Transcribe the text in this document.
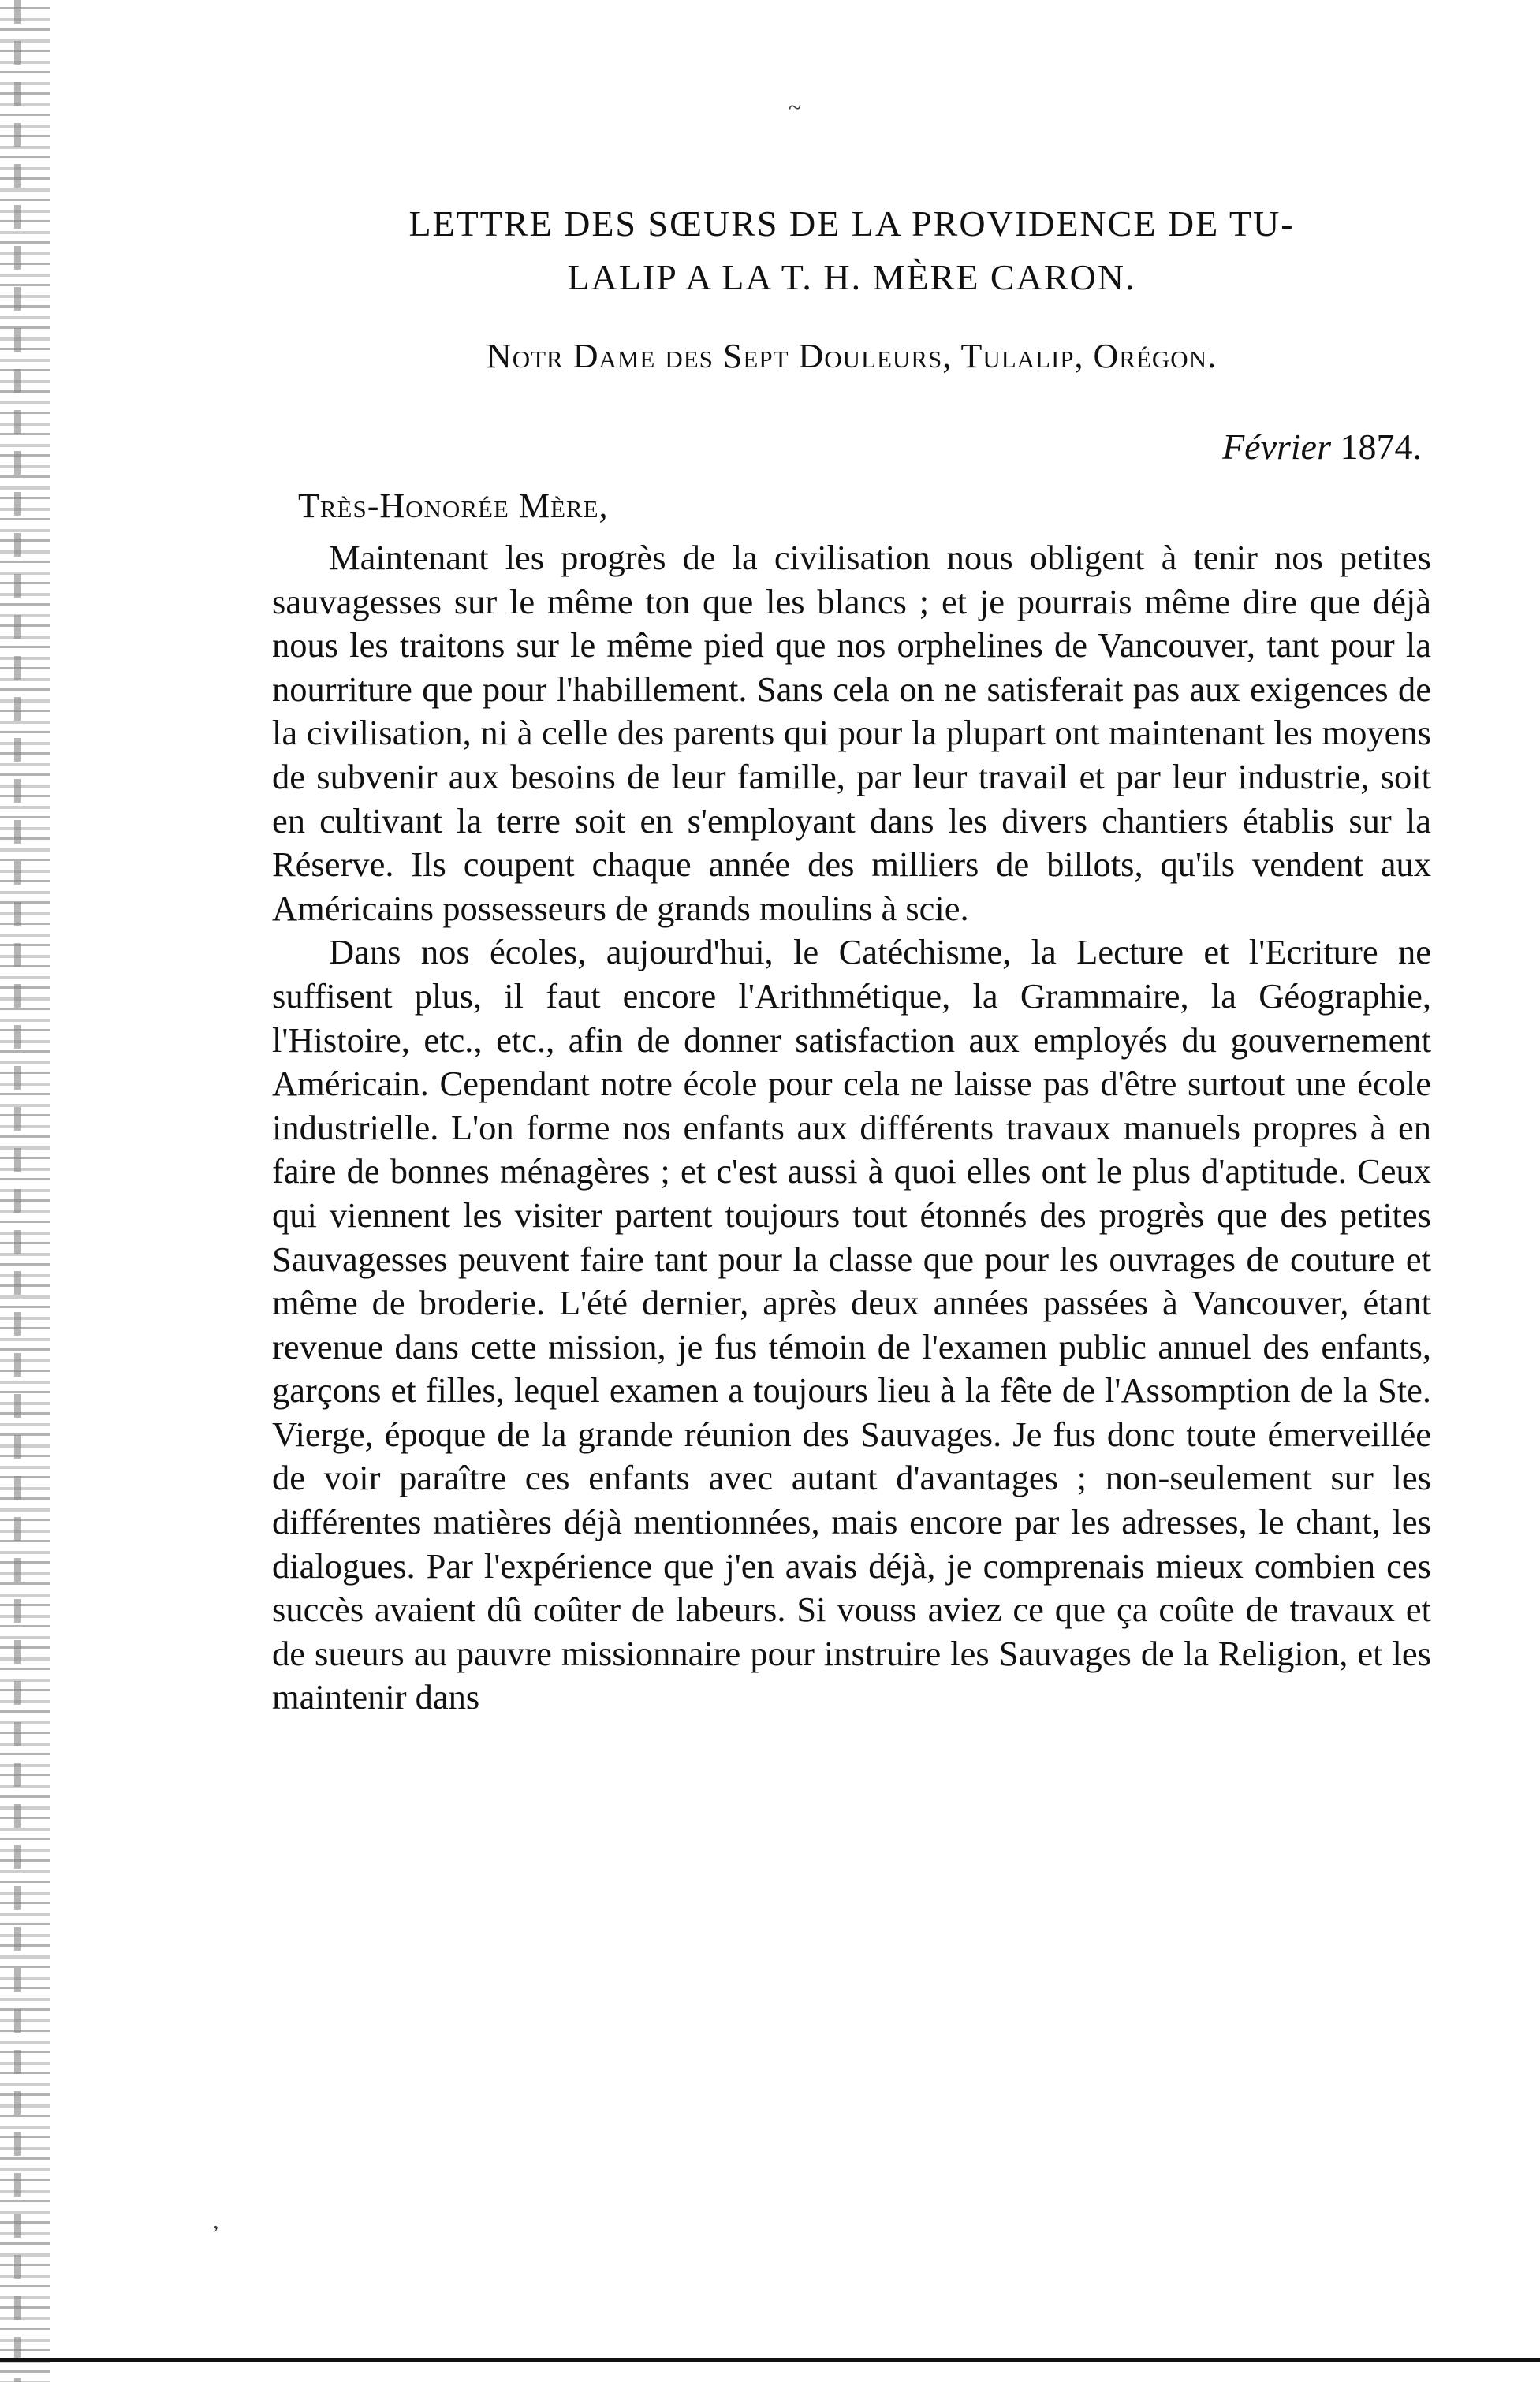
LETTRE DES SŒURS DE LA PROVIDENCE DE TU-
LALIP A LA T. H. MÈRE CARON.
Notr Dame des Sept Douleurs, Tulalip, Orégon.
Février 1874.
Très-Honorée Mère,

Maintenant les progrès de la civilisation nous obligent à tenir nos petites sauvagesses sur le même ton que les blancs ; et je pourrais même dire que déjà nous les traitons sur le même pied que nos orphelines de Vancouver, tant pour la nourriture que pour l'habillement. Sans cela on ne satisferait pas aux exigences de la civilisation, ni à celle des parents qui pour la plupart ont maintenant les moyens de subvenir aux besoins de leur famille, par leur travail et par leur industrie, soit en cultivant la terre soit en s'employant dans les divers chantiers établis sur la Réserve. Ils coupent chaque année des milliers de billots, qu'ils vendent aux Américains possesseurs de grands moulins à scie.

Dans nos écoles, aujourd'hui, le Catéchisme, la Lecture et l'Ecriture ne suffisent plus, il faut encore l'Arithmétique, la Grammaire, la Géographie, l'Histoire, etc., etc., afin de donner satisfaction aux employés du gouvernement Américain. Cependant notre école pour cela ne laisse pas d'être surtout une école industrielle. L'on forme nos enfants aux différents travaux manuels propres à en faire de bonnes ménagères ; et c'est aussi à quoi elles ont le plus d'aptitude. Ceux qui viennent les visiter partent toujours tout étonnés des progrès que des petites Sauvagesses peuvent faire tant pour la classe que pour les ouvrages de couture et même de broderie. L'été dernier, après deux années passées à Vancouver, étant revenue dans cette mission, je fus témoin de l'examen public annuel des enfants, garçons et filles, lequel examen a toujours lieu à la fête de l'Assomption de la Ste. Vierge, époque de la grande réunion des Sauvages. Je fus donc toute émerveillée de voir paraître ces enfants avec autant d'avantages ; non-seulement sur les différentes matières déjà mentionnées, mais encore par les adresses, le chant, les dialogues. Par l'expérience que j'en avais déjà, je comprenais mieux combien ces succès avaient dû coûter de labeurs. Si vouss aviez ce que ça coûte de travaux et de sueurs au pauvre missionnaire pour instruire les Sauvages de la Religion, et les maintenir dans

~
,
